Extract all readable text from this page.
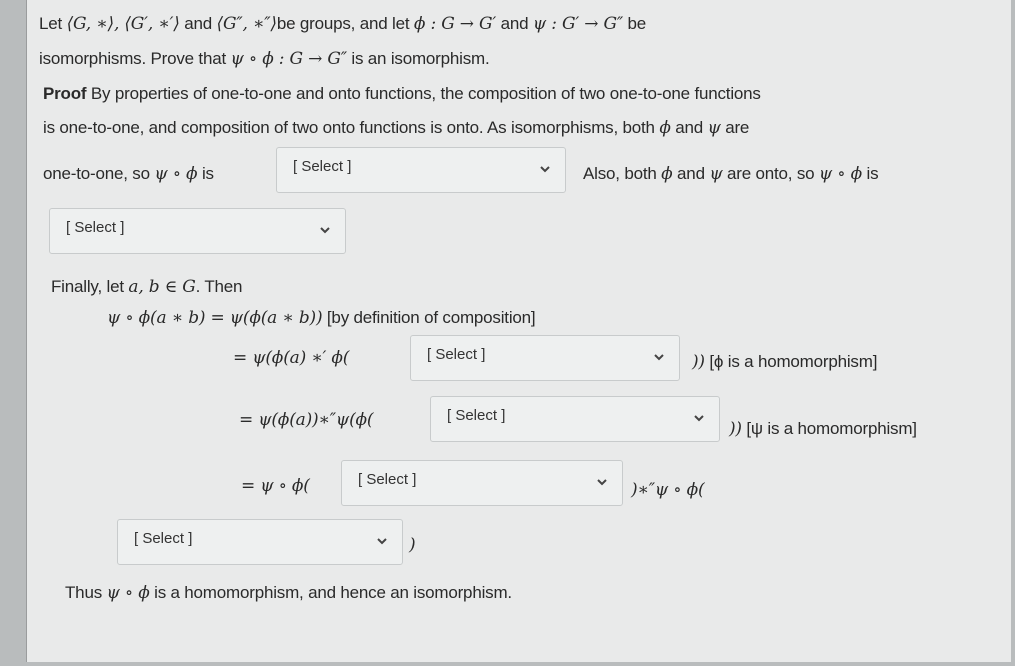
Let ⟨G, ∗⟩, ⟨G′, ∗′⟩ and ⟨G″, ∗″⟩be groups, and let ϕ : G → G′ and ψ : G′ → G″ be
isomorphisms. Prove that ψ ∘ ϕ : G → G″ is an isomorphism.
Proof By properties of one-to-one and onto functions, the composition of two one-to-one functions
is one-to-one, and composition of two onto functions is onto. As isomorphisms, both ϕ and ψ are
one-to-one, so ψ ∘ ϕ is	[ Select ]	Also, both ϕ and ψ are onto, so ψ ∘ ϕ is
[ Select ]
Finally, let a, b ∈ G. Then
ψ ∘ ϕ(a ∗ b) = ψ(ϕ(a ∗ b)) [by definition of composition]
= ψ(ϕ(a) ∗′ ϕ(	[ Select ]	)) [ϕ is a homomorphism]
= ψ(ϕ(a))∗″ψ(ϕ(	[ Select ]
)) [ψ is a homomorphism]
= ψ ∘ ϕ(	[ Select ]
)∗″ψ ∘ ϕ(
[ Select ]	)
Thus ψ ∘ ϕ is a homomorphism, and hence an isomorphism.
